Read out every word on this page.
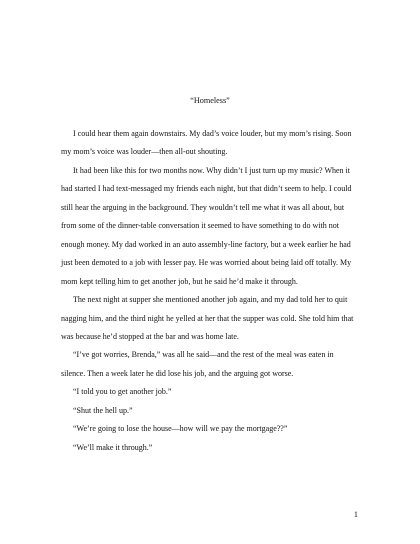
“Homeless”

I could hear them again downstairs. My dad’s voice louder, but my mom’s rising. Soon my mom’s voice was louder—then all-out shouting.

It had been like this for two months now. Why didn’t I just turn up my music? When it had started I had text-messaged my friends each night, but that didn’t seem to help. I could still hear the arguing in the background. They wouldn’t tell me what it was all about, but from some of the dinner-table conversation it seemed to have something to do with not enough money. My dad worked in an auto assembly-line factory, but a week earlier he had just been demoted to a job with lesser pay. He was worried about being laid off totally. My mom kept telling him to get another job, but he said he’d make it through.

The next night at supper she mentioned another job again, and my dad told her to quit nagging him, and the third night he yelled at her that the supper was cold. She told him that was because he’d stopped at the bar and was home late.

“I’ve got worries, Brenda,” was all he said—and the rest of the meal was eaten in silence. Then a week later he did lose his job, and the arguing got worse.

“I told you to get another job.”

“Shut the hell up.”

“We’re going to lose the house—how will we pay the mortgage??”

“We’ll make it through.”

1
